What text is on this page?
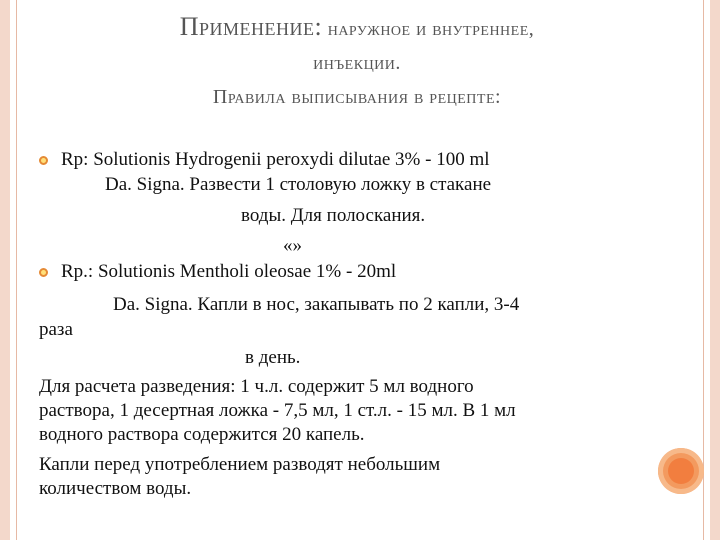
Применение: наружное и внутреннее,
инъекции.
Правила выписывания в рецепте:
Rp: Solutionis Hydrogenii peroxydi dilutae 3% - 100 ml
Da. Signa. Развести 1 столовую ложку в стакане
воды. Для полоскания.
«»
Rp.: Solutionis Mentholi oleosae 1% - 20ml
Da. Signa. Капли в нос, закапывать по 2 капли, 3-4
раза
в день.
Для расчета разведения: 1 ч.л. содержит 5 мл водного
раствора, 1 десертная ложка - 7,5 мл, 1 ст.л. - 15 мл. В 1 мл
водного раствора содержится 20 капель.
Капли перед употреблением разводят небольшим
количеством воды.
